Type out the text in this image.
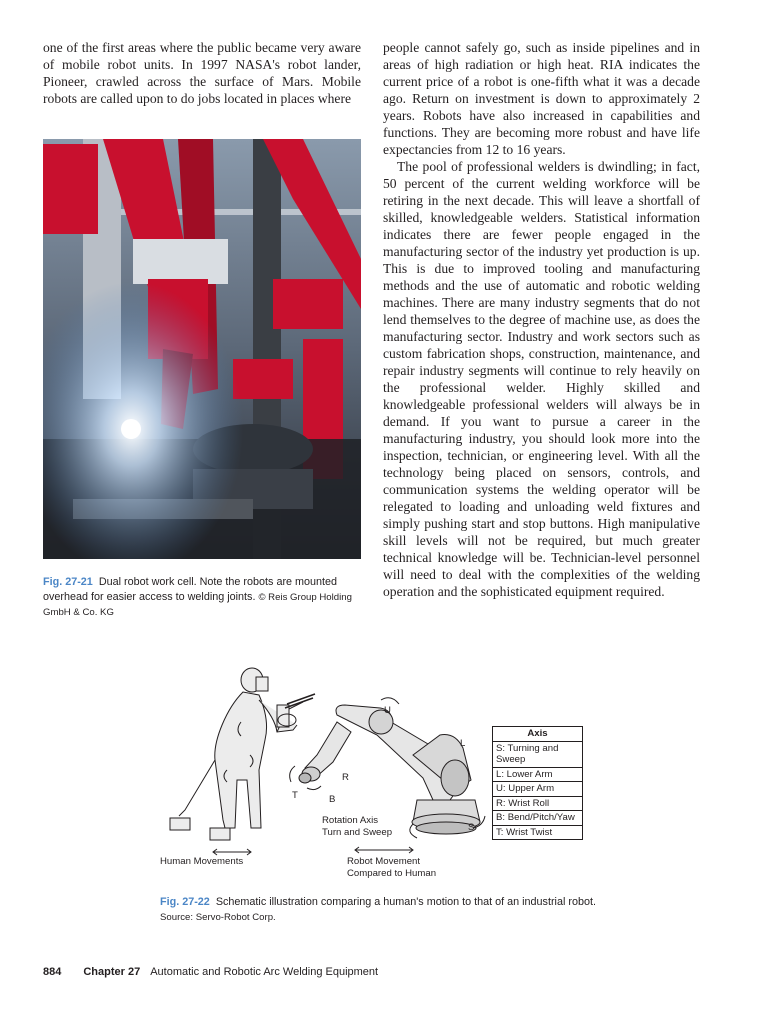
one of the first areas where the public became very aware of mobile robot units. In 1997 NASA's robot lander, Pioneer, crawled across the surface of Mars. Mobile robots are called upon to do jobs located in places where

people cannot safely go, such as inside pipelines and in areas of high radiation or high heat. RIA indicates the current price of a robot is one-fifth what it was a decade ago. Return on investment is down to approximately 2 years. Robots have also increased in capabilities and functions. They are becoming more robust and have life expectancies from 12 to 16 years.

The pool of professional welders is dwindling; in fact, 50 percent of the current welding workforce will be retiring in the next decade. This will leave a shortfall of skilled, knowledgeable welders. Statistical information indicates there are fewer people engaged in the manufacturing sector of the industry yet production is up. This is due to improved tooling and manufacturing methods and the use of automatic and robotic welding machines. There are many industry segments that do not lend themselves to the degree of machine use, as does the manufacturing sector. Industry and work sectors such as custom fabrication shops, construction, maintenance, and repair industry segments will continue to rely heavily on the professional welder. Highly skilled and knowledgeable professional welders will always be in demand. If you want to pursue a career in the manufacturing industry, you should look more into the inspection, technician, or engineering level. With all the technology being placed on sensors, controls, and communication systems the welding operator will be relegated to loading and unloading weld fixtures and simply pushing start and stop buttons. High manipulative skill levels will not be required, but much greater technical knowledge will be. Technician-level personnel will need to deal with the complexities of the welding operation and the sophisticated equipment required.

Fig. 27-21 Dual robot work cell. Note the robots are mounted overhead for easier access to welding joints. © Reis Group Holding GmbH & Co. KG
U
L
R
T	B
S
Rotation Axis
Turn and Sweep
Human Movements	Robot Movement
Compared to Human
Axis
S: Turning and Sweep
L: Lower Arm
U: Upper Arm
R: Wrist Roll
B: Bend/Pitch/Yaw
T: Wrist Twist
Fig. 27-22 Schematic illustration comparing a human's motion to that of an industrial robot. Source: Servo-Robot Corp.
884 Chapter 27 Automatic and Robotic Arc Welding Equipment
